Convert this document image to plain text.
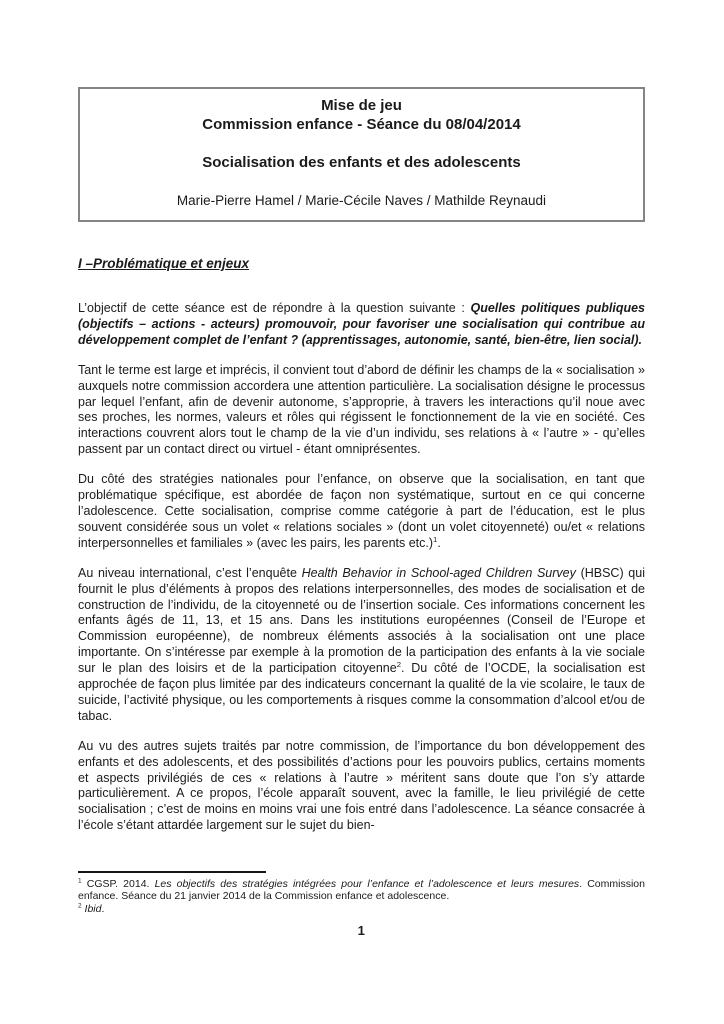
Mise de jeu
Commission enfance - Séance du 08/04/2014
Socialisation des enfants et des adolescents
Marie-Pierre Hamel / Marie-Cécile Naves / Mathilde Reynaudi
I –Problématique et enjeux

L’objectif de cette séance est de répondre à la question suivante : Quelles politiques publiques (objectifs – actions - acteurs) promouvoir, pour favoriser une socialisation qui contribue au développement complet de l’enfant ? (apprentissages, autonomie, santé, bien-être, lien social).

Tant le terme est large et imprécis, il convient tout d’abord de définir les champs de la « socialisation » auxquels notre commission accordera une attention particulière. La socialisation désigne le processus par lequel l’enfant, afin de devenir autonome, s’approprie, à travers les interactions qu’il noue avec ses proches, les normes, valeurs et rôles qui régissent le fonctionnement de la vie en société. Ces interactions couvrent alors tout le champ de la vie d’un individu, ses relations à « l’autre » - qu’elles passent par un contact direct ou virtuel - étant omniprésentes.

Du côté des stratégies nationales pour l’enfance, on observe que la socialisation, en tant que problématique spécifique, est abordée de façon non systématique, surtout en ce qui concerne l’adolescence. Cette socialisation, comprise comme catégorie à part de l’éducation, est le plus souvent considérée sous un volet « relations sociales » (dont un volet citoyenneté) ou/et « relations interpersonnelles et familiales » (avec les pairs, les parents etc.)$^1$.

Au niveau international, c’est l’enquête Health Behavior in School-aged Children Survey (HBSC) qui fournit le plus d’éléments à propos des relations interpersonnelles, des modes de socialisation et de construction de l’individu, de la citoyenneté ou de l’insertion sociale. Ces informations concernent les enfants âgés de 11, 13, et 15 ans. Dans les institutions européennes (Conseil de l’Europe et Commission européenne), de nombreux éléments associés à la socialisation ont une place importante. On s’intéresse par exemple à la promotion de la participation des enfants à la vie sociale sur le plan des loisirs et de la participation citoyenne$^2$. Du côté de l’OCDE, la socialisation est approchée de façon plus limitée par des indicateurs concernant la qualité de la vie scolaire, le taux de suicide, l’activité physique, ou les comportements à risques comme la consommation d’alcool et/ou de tabac.

Au vu des autres sujets traités par notre commission, de l’importance du bon développement des enfants et des adolescents, et des possibilités d’actions pour les pouvoirs publics, certains moments et aspects privilégiés de ces « relations à l’autre » méritent sans doute que l’on s’y attarde particulièrement. A ce propos, l’école apparaît souvent, avec la famille, le lieu privilégié de cette socialisation ; c’est de moins en moins vrai une fois entré dans l’adolescence. La séance consacrée à l’école s’étant attardée largement sur le sujet du bien-

$^1$ CGSP. 2014. Les objectifs des stratégies intégrées pour l’enfance et l’adolescence et leurs mesures. Commission enfance. Séance du 21 janvier 2014 de la Commission enfance et adolescence.

$^2$ Ibid.

1
